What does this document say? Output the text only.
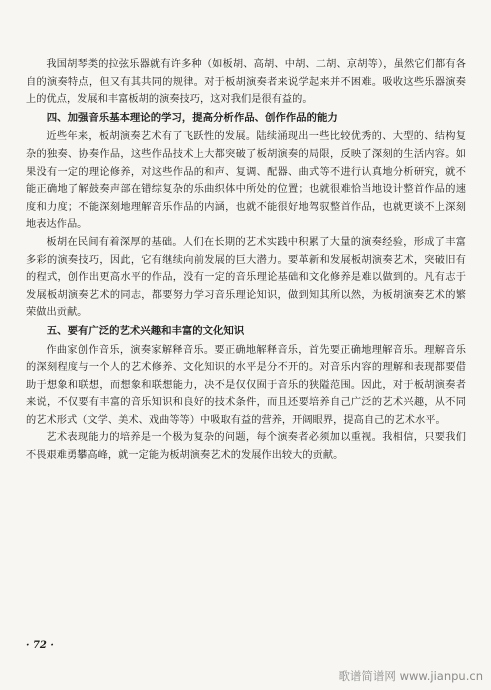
我国胡琴类的拉弦乐器就有许多种（如板胡、高胡、中胡、二胡、京胡等），虽然它们都有各自的演奏特点，但又有其共同的规律。对于板胡演奏者来说学起来并不困难。吸收这些乐器演奏上的优点，发展和丰富板胡的演奏技巧，这对我们是很有益的。

四、加强音乐基本理论的学习，提高分析作品、创作作品的能力

近些年来，板胡演奏艺术有了飞跃性的发展。陆续涌现出一些比较优秀的、大型的、结构复杂的独奏、协奏作品，这些作品技术上大都突破了板胡演奏的局限，反映了深刻的生活内容。如果没有一定的理论修养，对这些作品的和声、复调、配器、曲式等不进行认真地分析研究，就不能正确地了解鼓奏声部在错综复杂的乐曲织体中所处的位置；也就很难恰当地设计整首作品的速度和力度；不能深刻地理解音乐作品的内涵，也就不能很好地驾驭整首作品，也就更谈不上深刻地表达作品。

板胡在民间有着深厚的基础。人们在长期的艺术实践中积累了大量的演奏经验，形成了丰富多彩的演奏技巧，因此，它有继续向前发展的巨大潜力。要革新和发展板胡演奏艺术，突破旧有的程式，创作出更高水平的作品，没有一定的音乐理论基础和文化修养是难以做到的。凡有志于发展板胡演奏艺术的同志，都要努力学习音乐理论知识，做到知其所以然，为板胡演奏艺术的繁荣做出贡献。

五、要有广泛的艺术兴趣和丰富的文化知识

作曲家创作音乐，演奏家解释音乐。要正确地解释音乐，首先要正确地理解音乐。理解音乐的深刻程度与一个人的艺术修养、文化知识的水平是分不开的。对音乐内容的理解和表现都要借助于想象和联想，而想象和联想能力，决不是仅仅囿于音乐的狭隘范围。因此，对于板胡演奏者来说，不仅要有丰富的音乐知识和良好的技术条件，而且还要培养自己广泛的艺术兴趣，从不同的艺术形式（文学、美术、戏曲等等）中吸取有益的营养，开阔眼界，提高自己的艺术水平。

艺术表现能力的培养是一个极为复杂的问题，每个演奏者必须加以重视。我相信，只要我们不畏艰难勇攀高峰，就一定能为板胡演奏艺术的发展作出较大的贡献。

· 72 ·
歌谱简谱网 www.jianpu.cn
